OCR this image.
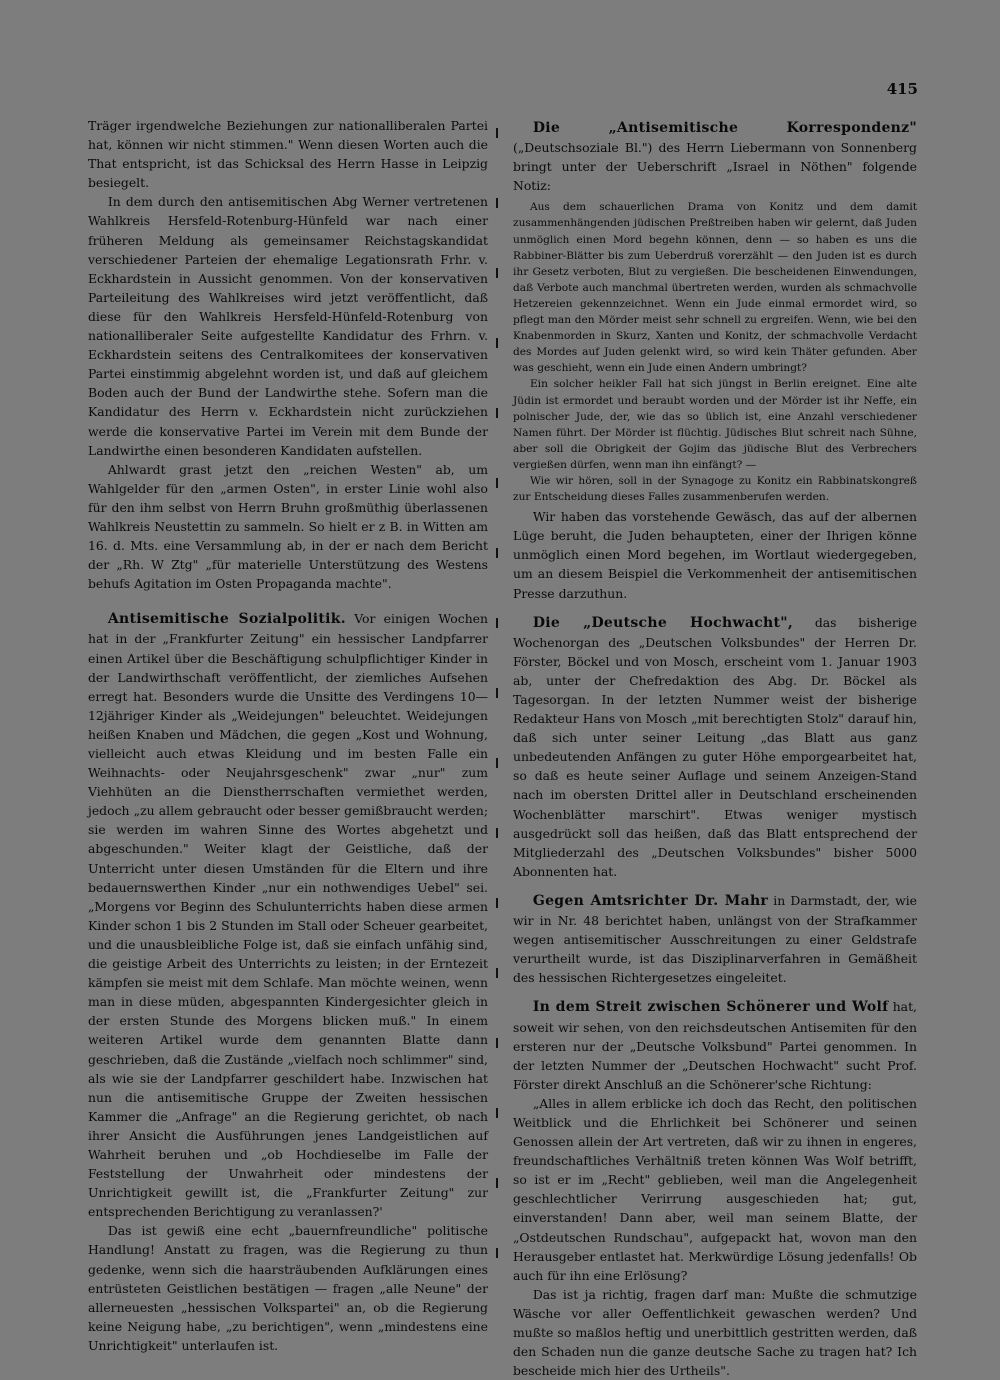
415

Träger irgendwelche Beziehungen zur nationalliberalen Partei hat, können wir nicht stimmen." Wenn diesen Worten auch die That entspricht, ist das Schicksal des Herrn Hasse in Leipzig besiegelt.

In dem durch den antisemitischen Abg Werner vertretenen Wahlkreis Hersfeld-Rotenburg-Hünfeld war nach einer früheren Meldung als gemeinsamer Reichstagskandidat verschiedener Parteien der ehemalige Legationsrath Frhr. v. Eckhardstein in Aussicht genommen. Von der konservativen Parteileitung des Wahlkreises wird jetzt veröffentlicht, daß diese für den Wahlkreis Hersfeld-Hünfeld-Rotenburg von nationalliberaler Seite aufgestellte Kandidatur des Frhrn. v. Eckhardstein seitens des Centralkomitees der konservativen Partei einstimmig abgelehnt worden ist, und daß auf gleichem Boden auch der Bund der Landwirthe stehe. Sofern man die Kandidatur des Herrn v. Eckhardstein nicht zurückziehen werde die konservative Partei im Verein mit dem Bunde der Landwirthe einen besonderen Kandidaten aufstellen.

Ahlwardt grast jetzt den „reichen Westen" ab, um Wahlgelder für den „armen Osten", in erster Linie wohl also für den ihm selbst von Herrn Bruhn großmüthig überlassenen Wahlkreis Neustettin zu sammeln. So hielt er z B. in Witten am 16. d. Mts. eine Versammlung ab, in der er nach dem Bericht der „Rh. W Ztg" „für materielle Unterstützung des Westens behufs Agitation im Osten Propaganda machte".

Antisemitische Sozialpolitik. Vor einigen Wochen hat in der „Frankfurter Zeitung" ein hessischer Landpfarrer einen Artikel über die Beschäftigung schulpflichtiger Kinder in der Landwirthschaft veröffentlicht, der ziemliches Aufsehen erregt hat. Besonders wurde die Unsitte des Verdingens 10—12jähriger Kinder als „Weidejungen" beleuchtet. Weidejungen heißen Knaben und Mädchen, die gegen „Kost und Wohnung, vielleicht auch etwas Kleidung und im besten Falle ein Weihnachts- oder Neujahrsgeschenk" zwar „nur" zum Viehhüten an die Dienstherrschaften vermiethet werden, jedoch „zu allem gebraucht oder besser gemißbraucht werden; sie werden im wahren Sinne des Wortes abgehetzt und abgeschunden." Weiter klagt der Geistliche, daß der Unterricht unter diesen Umständen für die Eltern und ihre bedauernswerthen Kinder „nur ein nothwendiges Uebel" sei. „Morgens vor Beginn des Schulunterrichts haben diese armen Kinder schon 1 bis 2 Stunden im Stall oder Scheuer gearbeitet, und die unausbleibliche Folge ist, daß sie einfach unfähig sind, die geistige Arbeit des Unterrichts zu leisten; in der Erntezeit kämpfen sie meist mit dem Schlafe. Man möchte weinen, wenn man in diese müden, abgespannten Kindergesichter gleich in der ersten Stunde des Morgens blicken muß." In einem weiteren Artikel wurde dem genannten Blatte dann geschrieben, daß die Zustände „vielfach noch schlimmer" sind, als wie sie der Landpfarrer geschildert habe. Inzwischen hat nun die antisemitische Gruppe der Zweiten hessischen Kammer die „Anfrage" an die Regierung gerichtet, ob nach ihrer Ansicht die Ausführungen jenes Landgeistlichen auf Wahrheit beruhen und „ob Hochdieselbe im Falle der Feststellung der Unwahrheit oder mindestens der Unrichtigkeit gewillt ist, die „Frankfurter Zeitung" zur entsprechenden Berichtigung zu veranlassen?'

Das ist gewiß eine echt „bauernfreundliche" politische Handlung! Anstatt zu fragen, was die Regierung zu thun gedenke, wenn sich die haarsträubenden Aufklärungen eines entrüsteten Geistlichen bestätigen — fragen „alle Neune" der allerneuesten „hessischen Volkspartei" an, ob die Regierung keine Neigung habe, „zu berichtigen", wenn „mindestens eine Unrichtigkeit" unterlaufen ist.

Die „Antisemitische Korrespondenz" („Deutschsoziale Bl.") des Herrn Liebermann von Sonnenberg bringt unter der Ueberschrift „Israel in Nöthen" folgende Notiz:

Aus dem schauerlichen Drama von Konitz und dem damit zusammenhängenden jüdischen Preßtreiben haben wir gelernt, daß Juden unmöglich einen Mord begehn können, denn — so haben es uns die Rabbiner-Blätter bis zum Ueberdruß vorerzählt — den Juden ist es durch ihr Gesetz verboten, Blut zu vergießen. Die bescheidenen Einwendungen, daß Verbote auch manchmal übertreten werden, wurden als schmachvolle Hetzereien gekennzeichnet. Wenn ein Jude einmal ermordet wird, so pflegt man den Mörder meist sehr schnell zu ergreifen. Wenn, wie bei den Knabenmorden in Skurz, Xanten und Konitz, der schmachvolle Verdacht des Mordes auf Juden gelenkt wird, so wird kein Thäter gefunden. Aber was geschieht, wenn ein Jude einen Andern umbringt?

Ein solcher heikler Fall hat sich jüngst in Berlin ereignet. Eine alte Jüdin ist ermordet und beraubt worden und der Mörder ist ihr Neffe, ein polnischer Jude, der, wie das so üblich ist, eine Anzahl verschiedener Namen führt. Der Mörder ist flüchtig. Jüdisches Blut schreit nach Sühne, aber soll die Obrigkeit der Gojim das jüdische Blut des Verbrechers vergießen dürfen, wenn man ihn einfängt? —

Wie wir hören, soll in der Synagoge zu Konitz ein Rabbinatskongreß zur Entscheidung dieses Falles zusammenberufen werden.

Wir haben das vorstehende Gewäsch, das auf der albernen Lüge beruht, die Juden behaupteten, einer der Ihrigen könne unmöglich einen Mord begehen, im Wortlaut wiedergegeben, um an diesem Beispiel die Verkommenheit der antisemitischen Presse darzuthun.

Die „Deutsche Hochwacht", das bisherige Wochenorgan des „Deutschen Volksbundes" der Herren Dr. Förster, Böckel und von Mosch, erscheint vom 1. Januar 1903 ab, unter der Chefredaktion des Abg. Dr. Böckel als Tagesorgan. In der letzten Nummer weist der bisherige Redakteur Hans von Mosch „mit berechtigten Stolz" darauf hin, daß sich unter seiner Leitung „das Blatt aus ganz unbedeutenden Anfängen zu guter Höhe emporgearbeitet hat, so daß es heute seiner Auflage und seinem Anzeigen-Stand nach im obersten Drittel aller in Deutschland erscheinenden Wochenblätter marschirt". Etwas weniger mystisch ausgedrückt soll das heißen, daß das Blatt entsprechend der Mitgliederzahl des „Deutschen Volksbundes" bisher 5000 Abonnenten hat.

Gegen Amtsrichter Dr. Mahr in Darmstadt, der, wie wir in Nr. 48 berichtet haben, unlängst von der Strafkammer wegen antisemitischer Ausschreitungen zu einer Geldstrafe verurtheilt wurde, ist das Disziplinarverfahren in Gemäßheit des hessischen Richtergesetzes eingeleitet.

In dem Streit zwischen Schönerer und Wolf hat, soweit wir sehen, von den reichsdeutschen Antisemiten für den ersteren nur der „Deutsche Volksbund" Partei genommen. In der letzten Nummer der „Deutschen Hochwacht" sucht Prof. Förster direkt Anschluß an die Schönerer'sche Richtung:

„Alles in allem erblicke ich doch das Recht, den politischen Weitblick und die Ehrlichkeit bei Schönerer und seinen Genossen allein der Art vertreten, daß wir zu ihnen in engeres, freundschaftliches Verhältniß treten können Was Wolf betrifft, so ist er im „Recht" geblieben, weil man die Angelegenheit geschlechtlicher Verirrung ausgeschieden hat; gut, einverstanden! Dann aber, weil man seinem Blatte, der „Ostdeutschen Rundschau", aufgepackt hat, wovon man den Herausgeber entlastet hat. Merkwürdige Lösung jedenfalls! Ob auch für ihn eine Erlösung?

Das ist ja richtig, fragen darf man: Mußte die schmutzige Wäsche vor aller Oeffentlichkeit gewaschen werden? Und mußte so maßlos heftig und unerbittlich gestritten werden, daß den Schaden nun die ganze deutsche Sache zu tragen hat? Ich bescheide mich hier des Urtheils".
